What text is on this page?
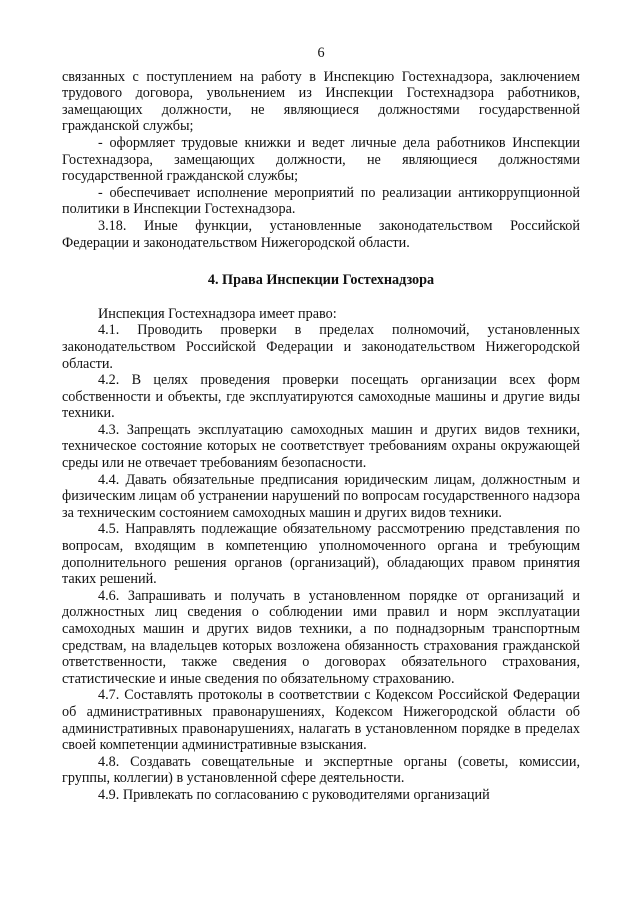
6

связанных с поступлением на работу в Инспекцию Гостехнадзора, заключением трудового договора, увольнением из Инспекции Гостехнадзора работников, замещающих должности, не являющиеся должностями государственной гражданской службы;

- оформляет трудовые книжки и ведет личные дела работников Инспекции Гостехнадзора, замещающих должности, не являющиеся должностями государственной гражданской службы;

- обеспечивает исполнение мероприятий по реализации антикоррупционной политики в Инспекции Гостехнадзора.

3.18. Иные функции, установленные законодательством Российской Федерации и законодательством Нижегородской области.

4. Права Инспекции Гостехнадзора

Инспекция Гостехнадзора имеет право:

4.1. Проводить проверки в пределах полномочий, установленных законодательством Российской Федерации и законодательством Нижегородской области.

4.2. В целях проведения проверки посещать организации всех форм собственности и объекты, где эксплуатируются самоходные машины и другие виды техники.

4.3. Запрещать эксплуатацию самоходных машин и других видов техники, техническое состояние которых не соответствует требованиям охраны окружающей среды или не отвечает требованиям безопасности.

4.4. Давать обязательные предписания юридическим лицам, должностным и физическим лицам об устранении нарушений по вопросам государственного надзора за техническим состоянием самоходных машин и других видов техники.

4.5. Направлять подлежащие обязательному рассмотрению представления по вопросам, входящим в компетенцию уполномоченного органа и требующим дополнительного решения органов (организаций), обладающих правом принятия таких решений.

4.6. Запрашивать и получать в установленном порядке от организаций и должностных лиц сведения о соблюдении ими правил и норм эксплуатации самоходных машин и других видов техники, а по поднадзорным транспортным средствам, на владельцев которых возложена обязанность страхования гражданской ответственности, также сведения о договорах обязательного страхования, статистические и иные сведения по обязательному страхованию.

4.7. Составлять протоколы в соответствии с Кодексом Российской Федерации об административных правонарушениях, Кодексом Нижегородской области об административных правонарушениях, налагать в установленном порядке в пределах своей компетенции административные взыскания.

4.8. Создавать совещательные и экспертные органы (советы, комиссии, группы, коллегии) в установленной сфере деятельности.

4.9. Привлекать по согласованию с руководителями организаций
